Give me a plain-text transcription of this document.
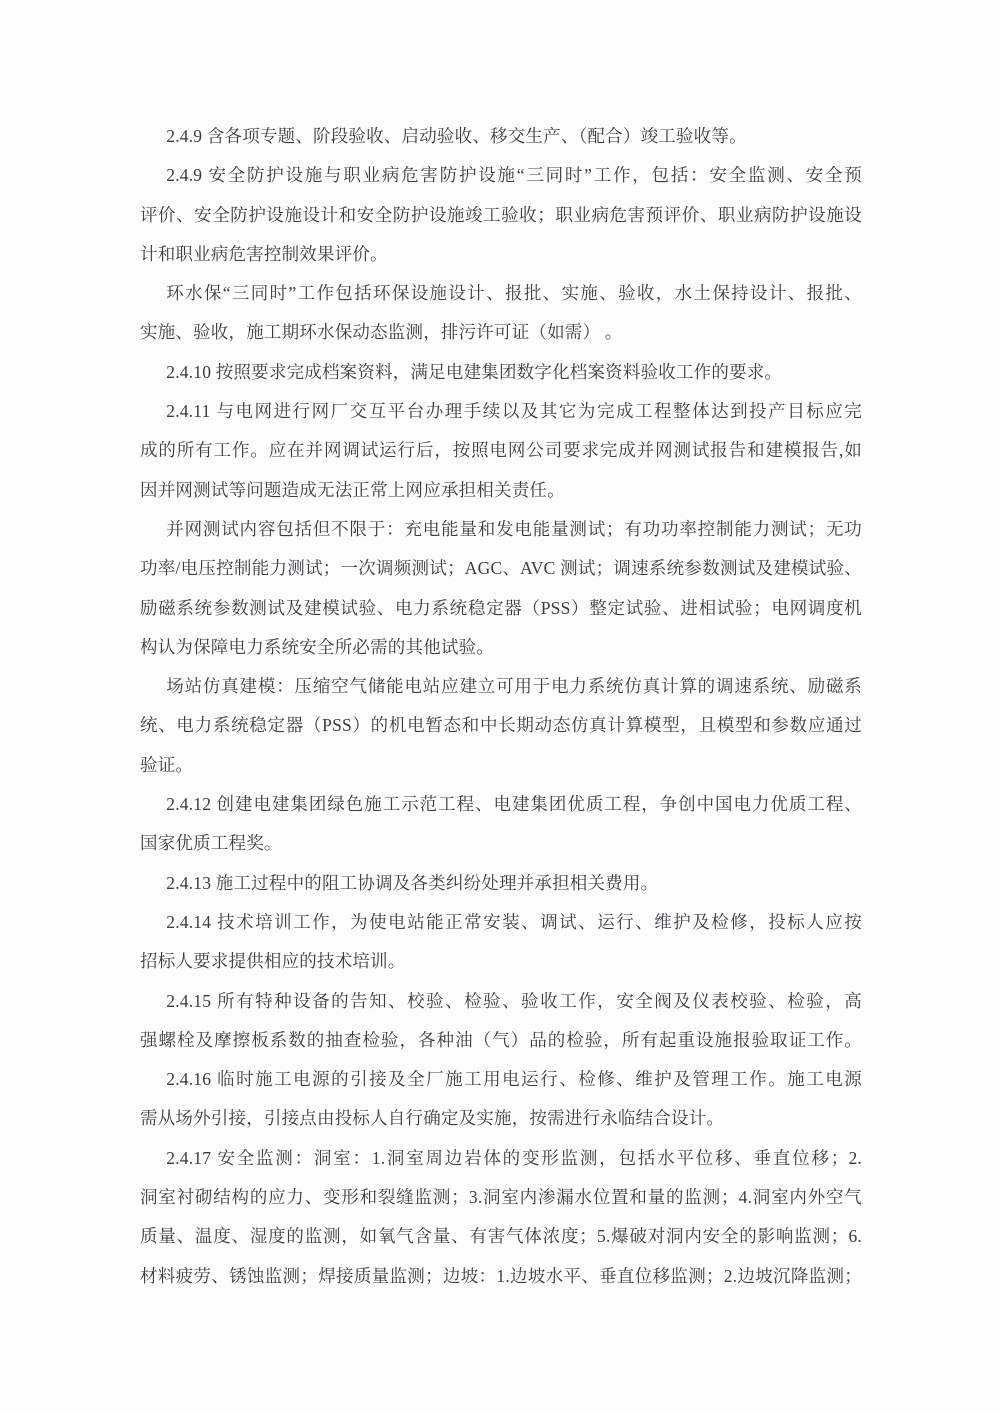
2.4.9 含各项专题、阶段验收、启动验收、移交生产、（配合）竣工验收等。
2.4.9 安全防护设施与职业病危害防护设施“三同时”工作，包括：安全监测、安全预
评价、安全防护设施设计和安全防护设施竣工验收；职业病危害预评价、职业病防护设施设
计和职业病危害控制效果评价。
环水保“三同时”工作包括环保设施设计、报批、实施、验收，水土保持设计、报批、
实施、验收，施工期环水保动态监测，排污许可证（如需） 。
2.4.10 按照要求完成档案资料，满足电建集团数字化档案资料验收工作的要求。
2.4.11 与电网进行网厂交互平台办理手续以及其它为完成工程整体达到投产目标应完
成的所有工作。应在并网调试运行后，按照电网公司要求完成并网测试报告和建模报告,如
因并网测试等问题造成无法正常上网应承担相关责任。
并网测试内容包括但不限于：充电能量和发电能量测试；有功功率控制能力测试；无功
功率/电压控制能力测试；一次调频测试；AGC、AVC 测试；调速系统参数测试及建模试验、
励磁系统参数测试及建模试验、电力系统稳定器（PSS）整定试验、进相试验；电网调度机
构认为保障电力系统安全所必需的其他试验。
场站仿真建模：压缩空气储能电站应建立可用于电力系统仿真计算的调速系统、励磁系
统、电力系统稳定器（PSS）的机电暂态和中长期动态仿真计算模型，且模型和参数应通过
验证。
2.4.12 创建电建集团绿色施工示范工程、电建集团优质工程，争创中国电力优质工程、
国家优质工程奖。
2.4.13 施工过程中的阻工协调及各类纠纷处理并承担相关费用。
2.4.14 技术培训工作，为使电站能正常安装、调试、运行、维护及检修，投标人应按
招标人要求提供相应的技术培训。
2.4.15 所有特种设备的告知、校验、检验、验收工作，安全阀及仪表校验、检验，高
强螺栓及摩擦板系数的抽查检验，各种油（气）品的检验，所有起重设施报验取证工作。
2.4.16 临时施工电源的引接及全厂施工用电运行、检修、维护及管理工作。施工电源
需从场外引接，引接点由投标人自行确定及实施，按需进行永临结合设计。
2.4.17 安全监测：洞室：1.洞室周边岩体的变形监测，包括水平位移、垂直位移；2.
洞室衬砌结构的应力、变形和裂缝监测；3.洞室内渗漏水位置和量的监测；4.洞室内外空气
质量、温度、湿度的监测，如氧气含量、有害气体浓度；5.爆破对洞内安全的影响监测；6.
材料疲劳、锈蚀监测；焊接质量监测；边坡：1.边坡水平、垂直位移监测；2.边坡沉降监测；
